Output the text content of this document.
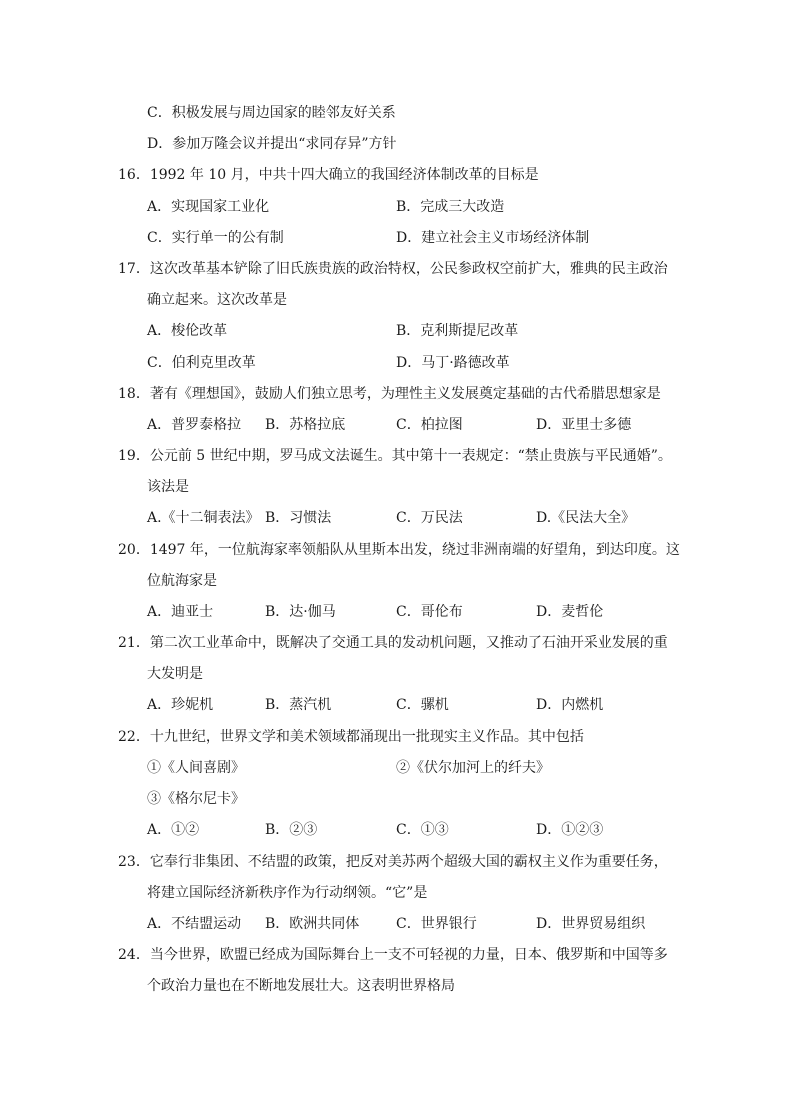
C．积极发展与周边国家的睦邻友好关系
D．参加万隆会议并提出“求同存异”方针
16．1992 年 10 月，中共十四大确立的我国经济体制改革的目标是
A．实现国家工业化	B．完成三大改造
C．实行单一的公有制	D．建立社会主义市场经济体制
17．这次改革基本铲除了旧氏族贵族的政治特权，公民参政权空前扩大，雅典的民主政治
确立起来。这次改革是
A．梭伦改革	B．克利斯提尼改革
C．伯利克里改革	D．马丁·路德改革
18．著有《理想国》，鼓励人们独立思考，为理性主义发展奠定基础的古代希腊思想家是
A．普罗泰格拉 B．苏格拉底	C．柏拉图	D．亚里士多德
19．公元前 5 世纪中期，罗马成文法诞生。其中第十一表规定：“禁止贵族与平民通婚”。
该法是
A.《十二铜表法》 B．习惯法	C．万民法	D.《民法大全》
20．1497 年，一位航海家率领船队从里斯本出发，绕过非洲南端的好望角，到达印度。这
位航海家是
A．迪亚士	B．达·伽马	C．哥伦布	D．麦哲伦
21．第二次工业革命中，既解决了交通工具的发动机问题，又推动了石油开采业发展的重
大发明是
A．珍妮机	B．蒸汽机	C．骡机	D．内燃机
22．十九世纪，世界文学和美术领域都涌现出一批现实主义作品。其中包括
①《人间喜剧》	②《伏尔加河上的纤夫》
③《格尔尼卡》
A．①②	B．②③	C．①③	D．①②③
23．它奉行非集团、不结盟的政策，把反对美苏两个超级大国的霸权主义作为重要任务，
将建立国际经济新秩序作为行动纲领。“它”是
A．不结盟运动 B．欧洲共同体	C．世界银行	D．世界贸易组织
24．当今世界，欧盟已经成为国际舞台上一支不可轻视的力量，日本、俄罗斯和中国等多
个政治力量也在不断地发展壮大。这表明世界格局
